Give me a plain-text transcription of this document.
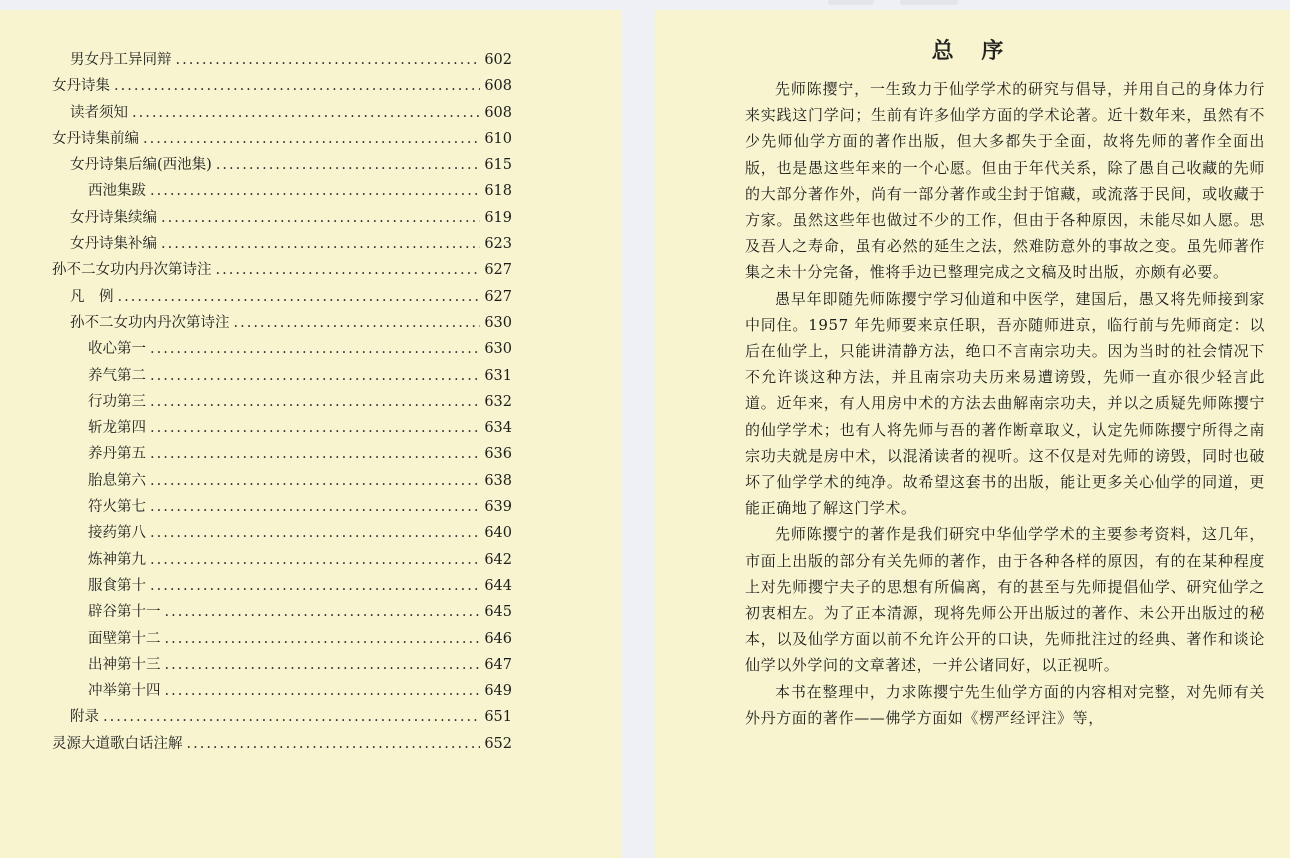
男女丹工异同辩 .....	602
女丹诗集 .....	608
读者须知 .....	608
女丹诗集前编 .....	610
女丹诗集后编(西池集) .....	615
西池集跋 .....	618
女丹诗集续编 .....	619
女丹诗集补编 .....	623
孙不二女功内丹次第诗注 .....	627
凡　例 .....	627
孙不二女功内丹次第诗注 .....	630
收心第一 .....	630
养气第二 .....	631
行功第三 .....	632
斩龙第四 .....	634
养丹第五 .....	636
胎息第六 .....	638
符火第七 .....	639
接药第八 .....	640
炼神第九 .....	642
服食第十 .....	644
辟谷第十一 .....	645
面壁第十二 .....	646
出神第十三 .....	647
冲举第十四 .....	649
附录 .....	651
灵源大道歌白话注解 .....	652
总 序

先师陈撄宁，一生致力于仙学学术的研究与倡导，并用自己的身体力行来实践这门学问；生前有许多仙学方面的学术论著。近十数年来，虽然有不少先师仙学方面的著作出版，但大多都失于全面，故将先师的著作全面出版，也是愚这些年来的一个心愿。但由于年代关系，除了愚自己收藏的先师的大部分著作外，尚有一部分著作或尘封于馆藏，或流落于民间，或收藏于方家。虽然这些年也做过不少的工作，但由于各种原因，未能尽如人愿。思及吾人之寿命，虽有必然的延生之法，然难防意外的事故之变。虽先师著作集之未十分完备，惟将手边已整理完成之文稿及时出版，亦颇有必要。

愚早年即随先师陈撄宁学习仙道和中医学，建国后，愚又将先师接到家中同住。1957 年先师要来京任职，吾亦随师进京，临行前与先师商定：以后在仙学上，只能讲清静方法，绝口不言南宗功夫。因为当时的社会情况下不允许谈这种方法，并且南宗功夫历来易遭谤毁，先师一直亦很少轻言此道。近年来，有人用房中术的方法去曲解南宗功夫，并以之质疑先师陈撄宁的仙学学术；也有人将先师与吾的著作断章取义，认定先师陈撄宁所得之南宗功夫就是房中术，以混淆读者的视听。这不仅是对先师的谤毁，同时也破坏了仙学学术的纯净。故希望这套书的出版，能让更多关心仙学的同道，更能正确地了解这门学术。

先师陈撄宁的著作是我们研究中华仙学学术的主要参考资料，这几年，市面上出版的部分有关先师的著作，由于各种各样的原因，有的在某种程度上对先师撄宁夫子的思想有所偏离，有的甚至与先师提倡仙学、研究仙学之初衷相左。为了正本清源，现将先师公开出版过的著作、未公开出版过的秘本，以及仙学方面以前不允许公开的口诀，先师批注过的经典、著作和谈论仙学以外学问的文章著述，一并公诸同好，以正视听。

本书在整理中，力求陈撄宁先生仙学方面的内容相对完整，对先师有关外丹方面的著作——佛学方面如《楞严经评注》等，
